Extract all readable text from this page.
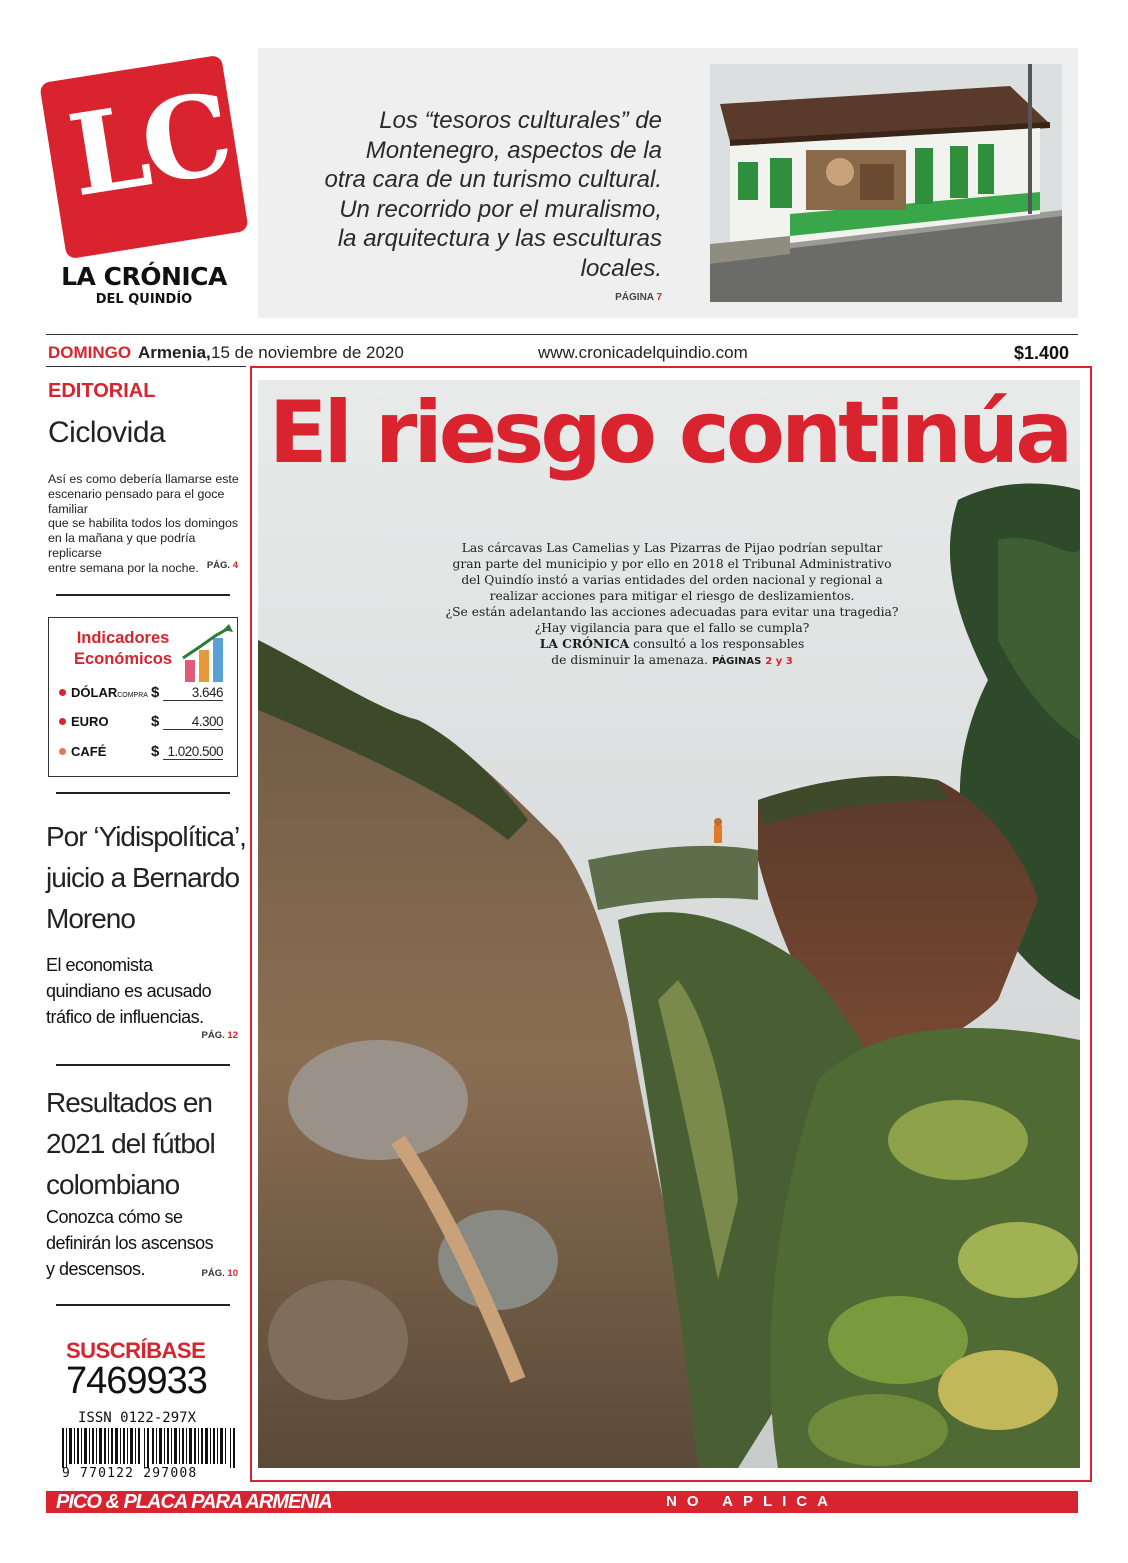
LC
LA CRÓNICA
DEL QUINDÍO
Los “tesoros culturales” de
Montenegro, aspectos de la
otra cara de un turismo cultural.
Un recorrido por el muralismo,
la arquitectura y las esculturas
locales.
PÁGINA 7
DOMINGO Armenia, 15 de noviembre de 2020	www.cronicadelquindio.com	$1.400
EDITORIAL
Ciclovida
Así es como debería llamarse este
escenario pensado para el goce familiar
que se habilita todos los domingos
en la mañana y que podría replicarse
entre semana por la noche. PÁG. 4
Indicadores
Económicos
DÓLARCOMPRA $	3.646
EURO	$	4.300
CAFÉ	$ 1.020.500
Por ‘Yidispolítica’,
juicio a Bernardo
Moreno
El economista
quindiano es acusado
tráfico de influencias.
PÁG. 12
Resultados en
2021 del fútbol
colombiano
Conozca cómo se
definirán los ascensos
y descensos.	PÁG. 10
SUSCRÍBASE
7469933
ISSN 0122-297X
9 770122 297008
El riesgo continúa
Las cárcavas Las Camelias y Las Pizarras de Pijao podrían sepultar
gran parte del municipio y por ello en 2018 el Tribunal Administrativo
del Quindío instó a varias entidades del orden nacional y regional a
realizar acciones para mitigar el riesgo de deslizamientos.
¿Se están adelantando las acciones adecuadas para evitar una tragedia?
¿Hay vigilancia para que el fallo se cumpla?
LA CRÓNICA consultó a los responsables
de disminuir la amenaza. PÁGINAS 2 y 3
PICO & PLACA PARA ARMENIA	NO APLICA
